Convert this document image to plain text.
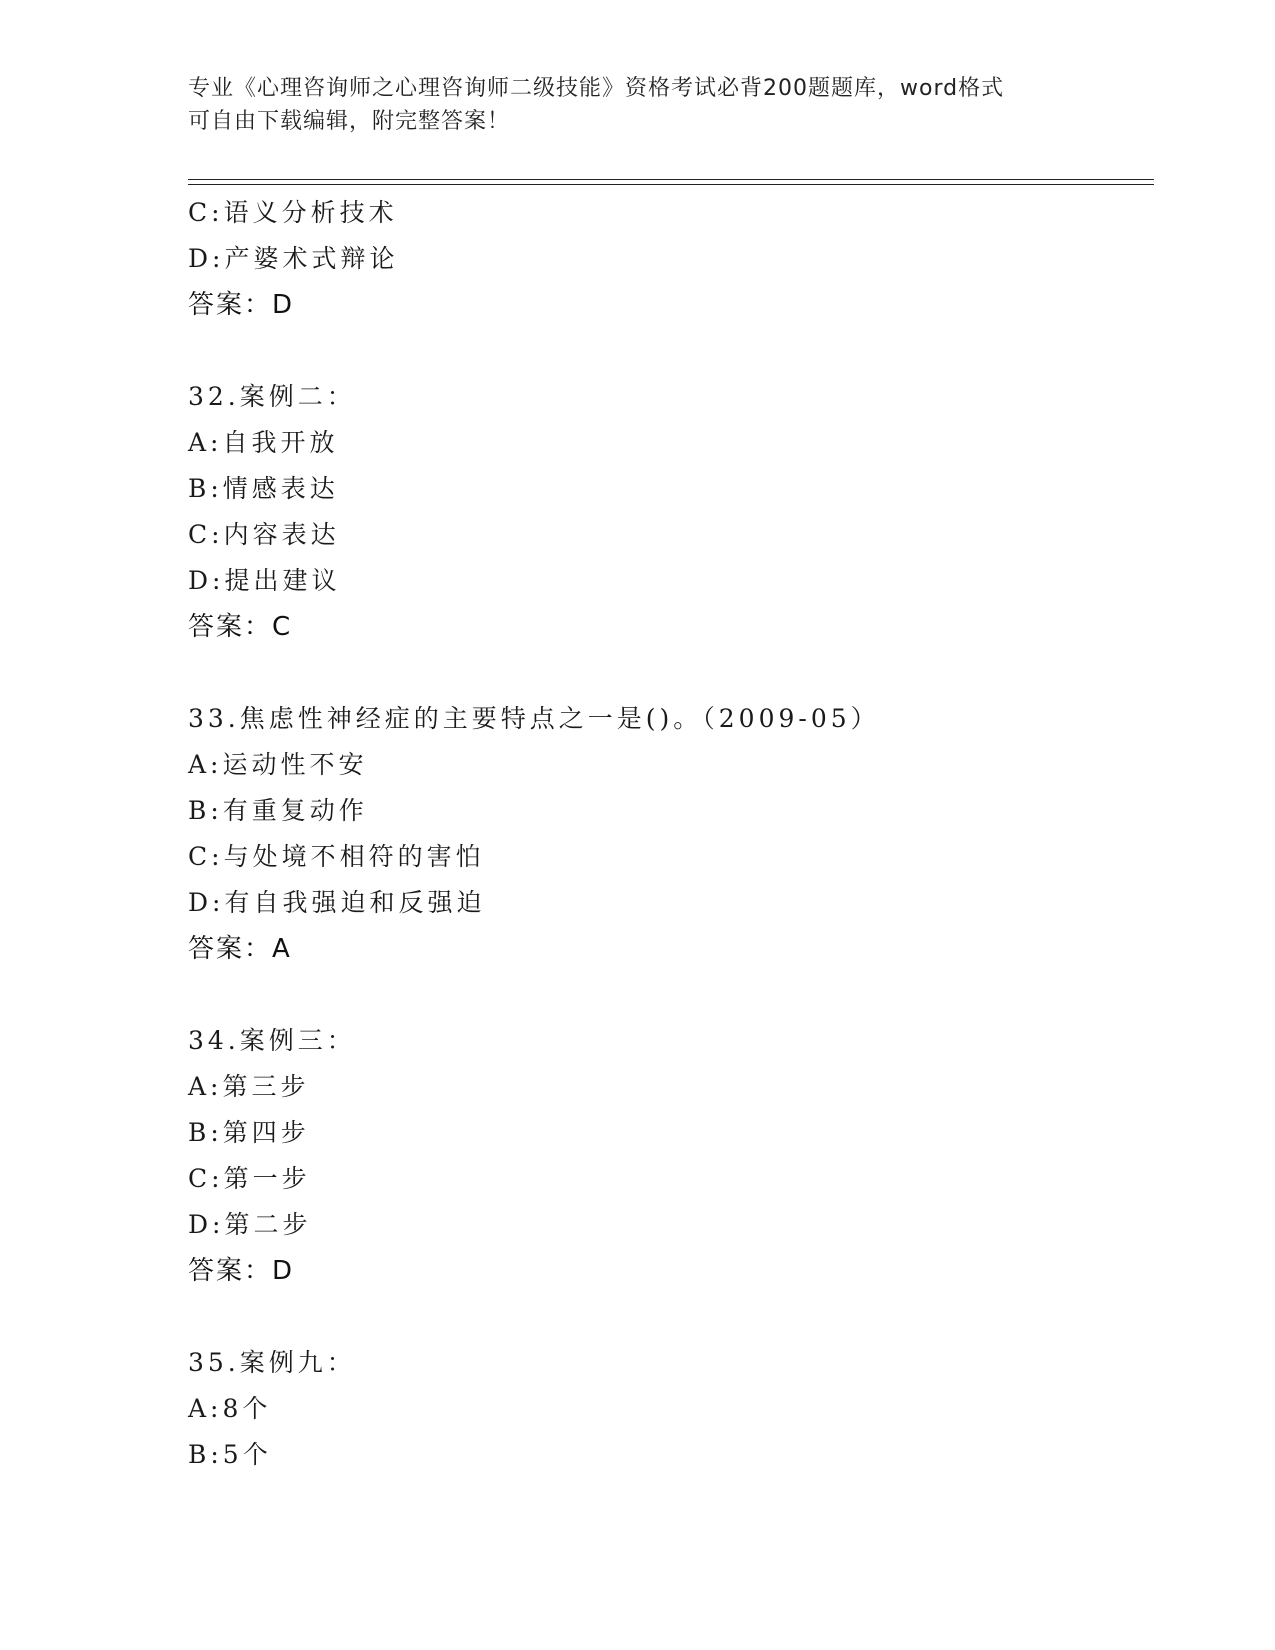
专业《心理咨询师之心理咨询师二级技能》资格考试必背200题题库，word格式
可自由下载编辑，附完整答案！
C:语义分析技术
D:产婆术式辩论
答案：D
32.案例二：
A:自我开放
B:情感表达
C:内容表达
D:提出建议
答案：C
33.焦虑性神经症的主要特点之一是()。（2009-05）
A:运动性不安
B:有重复动作
C:与处境不相符的害怕
D:有自我强迫和反强迫
答案：A
34.案例三：
A:第三步
B:第四步
C:第一步
D:第二步
答案：D
35.案例九：
A:8个
B:5个
